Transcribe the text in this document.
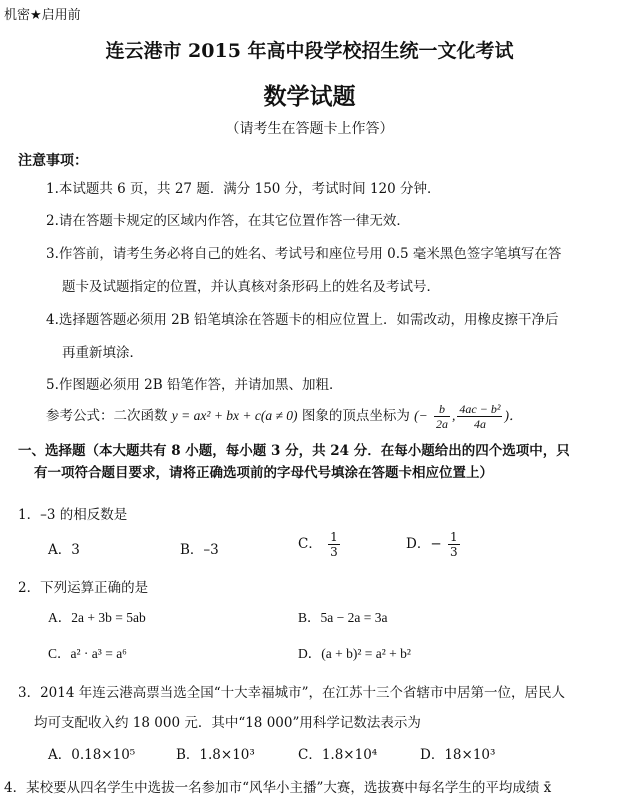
机密★启用前
连云港市 2015 年高中段学校招生统一文化考试
数学试题
（请考生在答题卡上作答）
注意事项：
1.本试题共 6 页，共 27 题．满分 150 分，考试时间 120 分钟．
2.请在答题卡规定的区域内作答，在其它位置作答一律无效．
3.作答前，请考生务必将自己的姓名、考试号和座位号用 0.5 毫米黑色签字笔填写在答
题卡及试题指定的位置，并认真核对条形码上的姓名及考试号．
4.选择题答题必须用 2B 铅笔填涂在答题卡的相应位置上．如需改动，用橡皮擦干净后
再重新填涂．
5.作图题必须用 2B 铅笔作答，并请加黑、加粗．
参考公式：二次函数 y = ax² + bx + c(a ≠ 0) 图象的顶点坐标为 (− $\frac{b}{2a}$ , $\frac{\text{4ac − b²}}{4a}$ )．
一、选择题（本大题共有 8 小题，每小题 3 分，共 24 分．在每小题给出的四个选项中，只
有一项符合题目要求，请将正确选项前的字母代号填涂在答题卡相应位置上）
1．–3 的相反数是
A．3	B．–3	C． $\frac{1}{3}$	D．− $\frac{1}{3}$
2．下列运算正确的是
A．2a + 3b = 5ab	B．5a − 2a = 3a
C．a² · a³ = a⁶	D．(a + b)² = a² + b²
3．2014 年连云港高票当选全国“十大幸福城市”，在江苏十三个省辖市中居第一位，居民人
均可支配收入约 18 000 元．其中“18 000”用科学记数法表示为
A．0.18×10⁵	B．1.8×10³	C．1.8×10⁴	D．18×10³
4．某校要从四名学生中选拔一名参加市“风华小主播”大赛，选拔赛中每名学生的平均成绩 x̄
